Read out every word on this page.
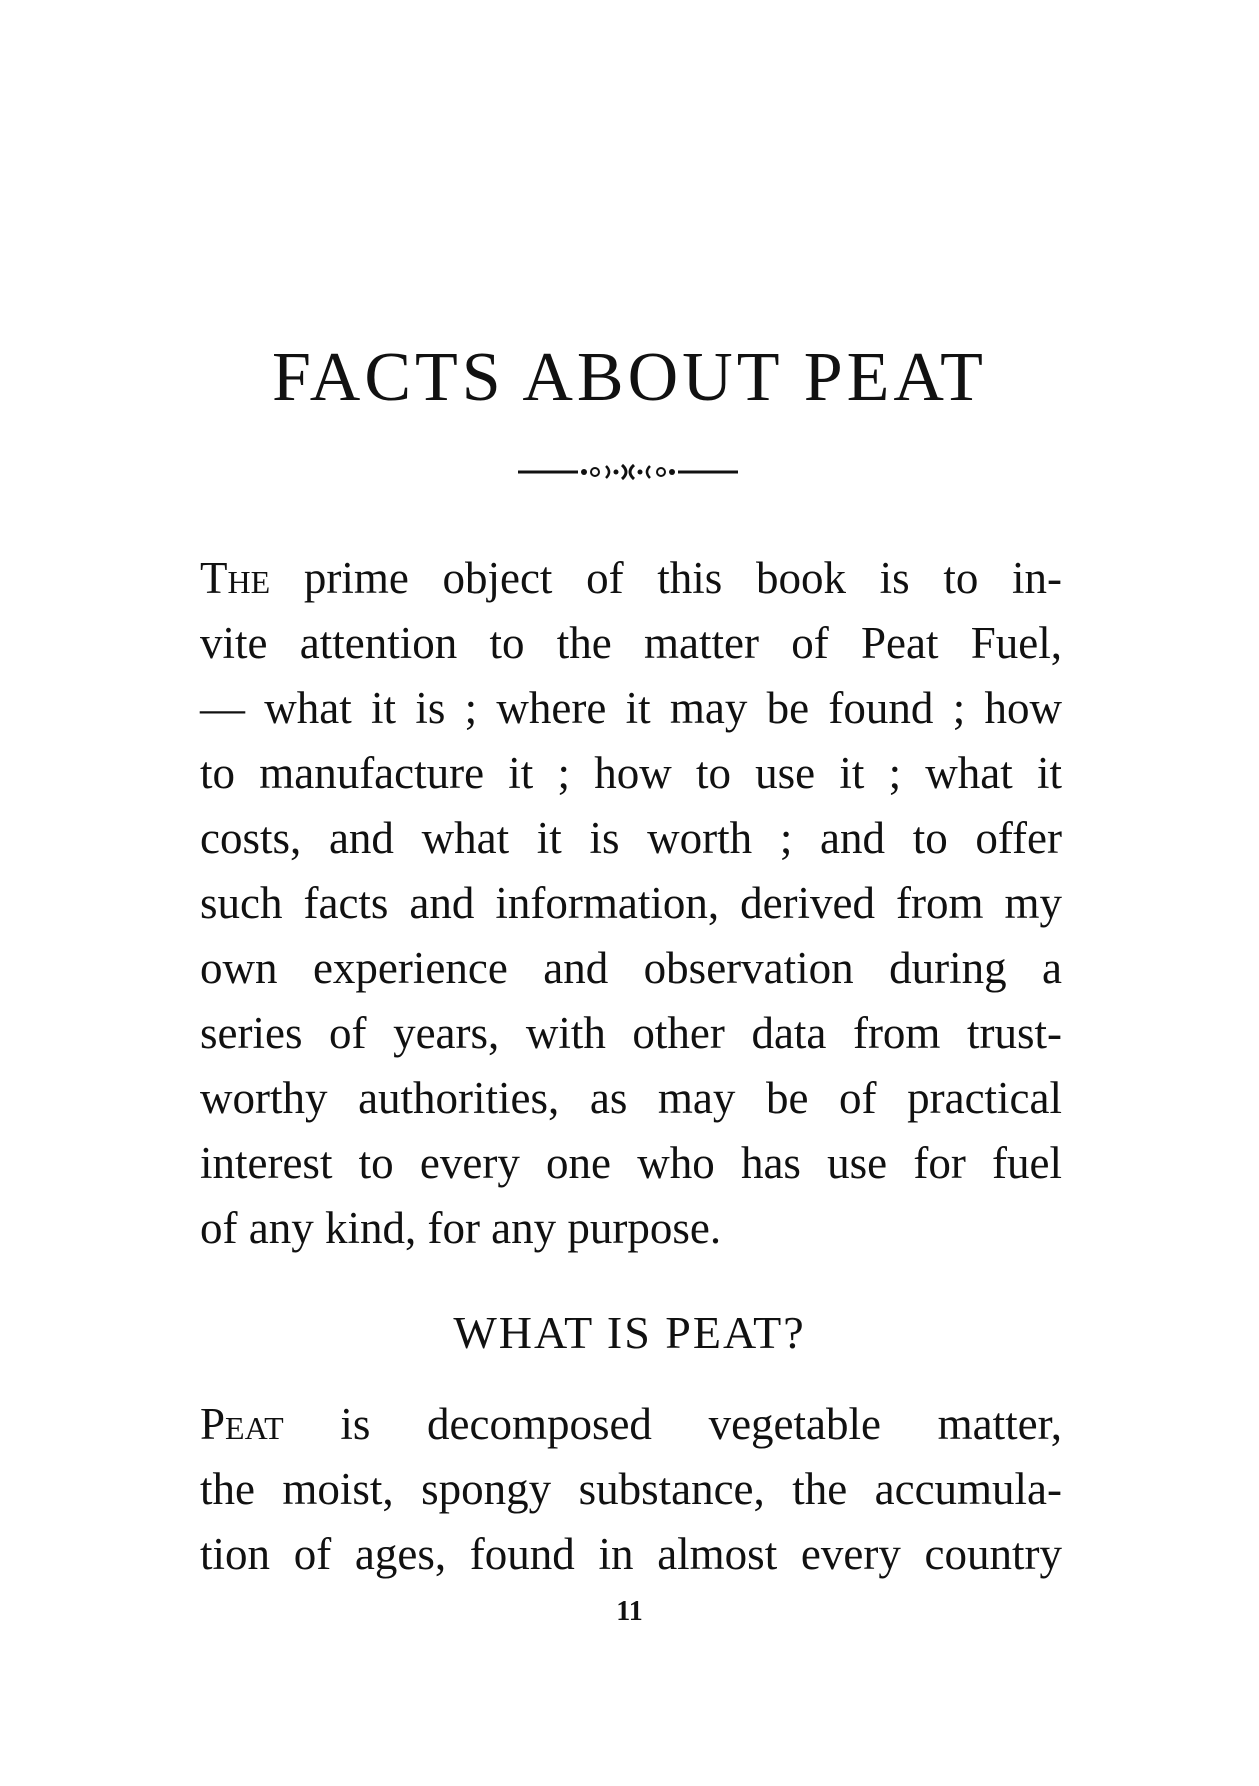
FACTS ABOUT PEAT
The prime object of this book is to in-
vite attention to the matter of Peat Fuel,
— what it is ; where it may be found ; how
to manufacture it ; how to use it ; what it
costs, and what it is worth ; and to offer
such facts and information, derived from my
own experience and observation during a
series of years, with other data from trust-
worthy authorities, as may be of practical
interest to every one who has use for fuel
of any kind, for any purpose.
WHAT IS PEAT?
Peat is decomposed vegetable matter,
the moist, spongy substance, the accumula-
tion of ages, found in almost every country
11
